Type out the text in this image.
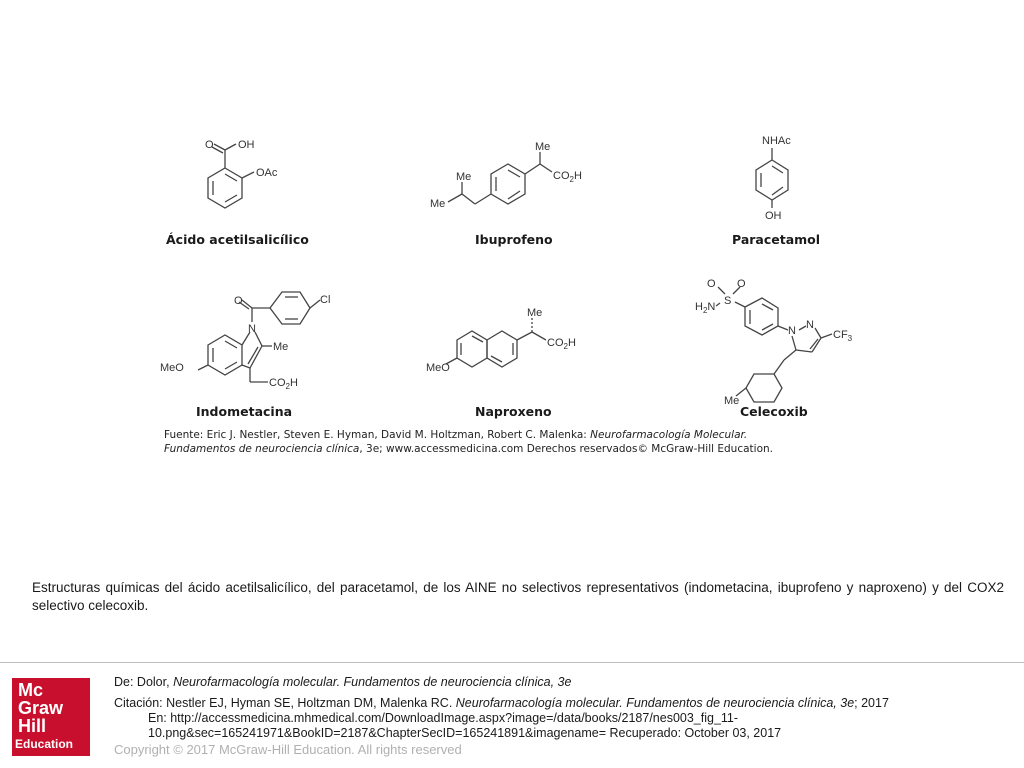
O OH
OAc
Ácido acetilsalicílico
Me
Me
Me
$CO_2H$
Ibuprofeno
NHAc
OH
Paracetamol
O
N
Cl
Me
MeO
$CO_2H$
Indometacina
Me
MeO
$CO_2H$
Naproxeno
O O
S
$H_2N$
N N
$CF_3$
Me
Celecoxib
Fuente: Eric J. Nestler, Steven E. Hyman, David M. Holtzman, Robert C. Malenka: Neurofarmacología Molecular.
Fundamentos de neurociencia clínica, 3e; www.accessmedicina.com Derechos reservados© McGraw-Hill Education.

Estructuras químicas del ácido acetilsalicílico, del paracetamol, de los AINE no selectivos representativos (indometacina, ibuprofeno y naproxeno) y del COX2 selectivo celecoxib.

Mc
Graw
Hill
Education

De: Dolor, Neurofarmacología molecular. Fundamentos de neurociencia clínica, 3e

Citación: Nestler EJ, Hyman SE, Holtzman DM, Malenka RC. Neurofarmacología molecular. Fundamentos de neurociencia clínica, 3e; 2017
En: http://accessmedicina.mhmedical.com/DownloadImage.aspx?image=/data/books/2187/nes003_fig_11-10.png&sec=165241971&BookID=2187&ChapterSecID=165241891&imagename= Recuperado: October 03, 2017

Copyright © 2017 McGraw-Hill Education. All rights reserved
